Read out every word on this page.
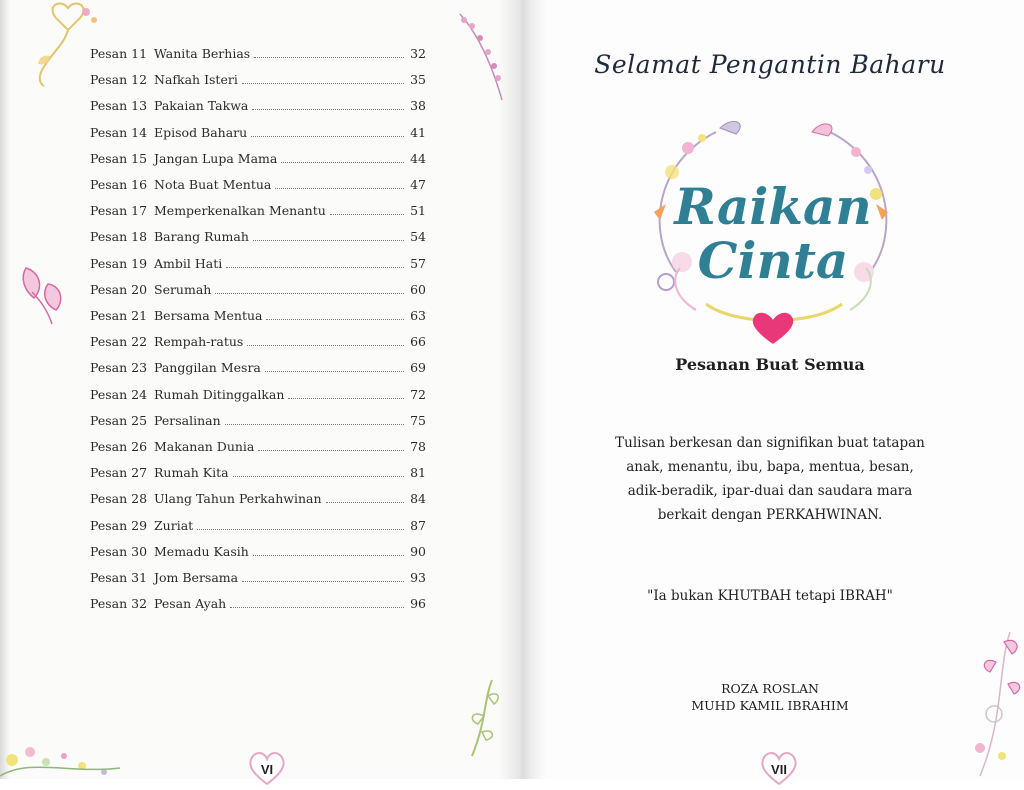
Pesan 11 Wanita Berhias	32
Pesan 12 Nafkah Isteri	35
Pesan 13 Pakaian Takwa	38
Pesan 14 Episod Baharu	41
Pesan 15 Jangan Lupa Mama	44
Pesan 16 Nota Buat Mentua	47
Pesan 17 Memperkenalkan Menantu	51
Pesan 18 Barang Rumah	54
Pesan 19 Ambil Hati	57
Pesan 20 Serumah	60
Pesan 21 Bersama Mentua	63
Pesan 22 Rempah-ratus	66
Pesan 23 Panggilan Mesra	69
Pesan 24 Rumah Ditinggalkan	72
Pesan 25 Persalinan	75
Pesan 26 Makanan Dunia	78
Pesan 27 Rumah Kita	81
Pesan 28 Ulang Tahun Perkahwinan	84
Pesan 29 Zuriat	87
Pesan 30 Memadu Kasih	90
Pesan 31 Jom Bersama	93
Pesan 32 Pesan Ayah	96
VI
Selamat Pengantin Baharu
Raikan
Cinta
Pesanan Buat Semua
Tulisan berkesan dan signifikan buat tatapan anak, menantu, ibu, bapa, mentua, besan, adik-beradik, ipar-duai dan saudara mara berkait dengan PERKAHWINAN.
"Ia bukan KHUTBAH tetapi IBRAH"
ROZA ROSLAN
MUHD KAMIL IBRAHIM
VII
